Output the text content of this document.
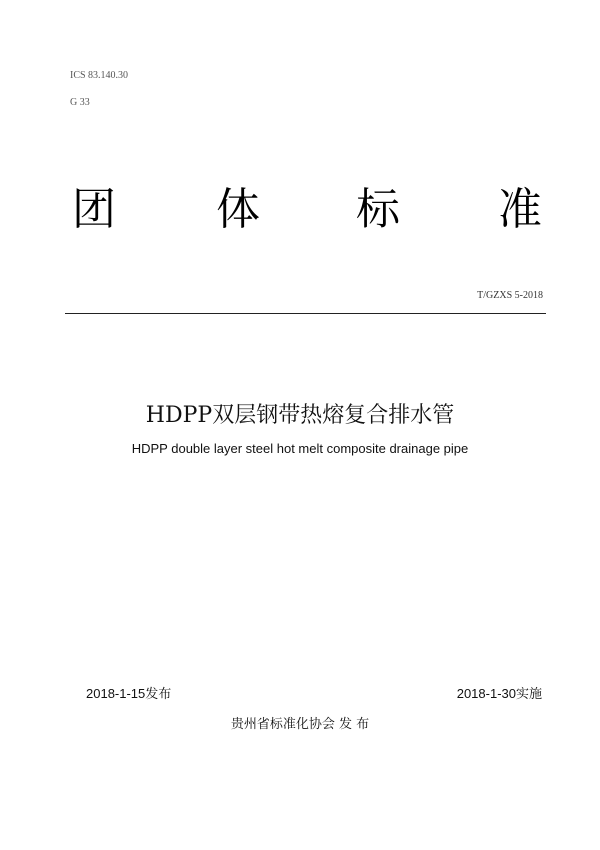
ICS 83.140.30
G 33
团 体 标 准
T/GZXS 5-2018
HDPP双层钢带热熔复合排水管
HDPP double layer steel hot melt composite drainage pipe
2018-1-15发布	2018-1-30实施
贵州省标准化协会 发 布
